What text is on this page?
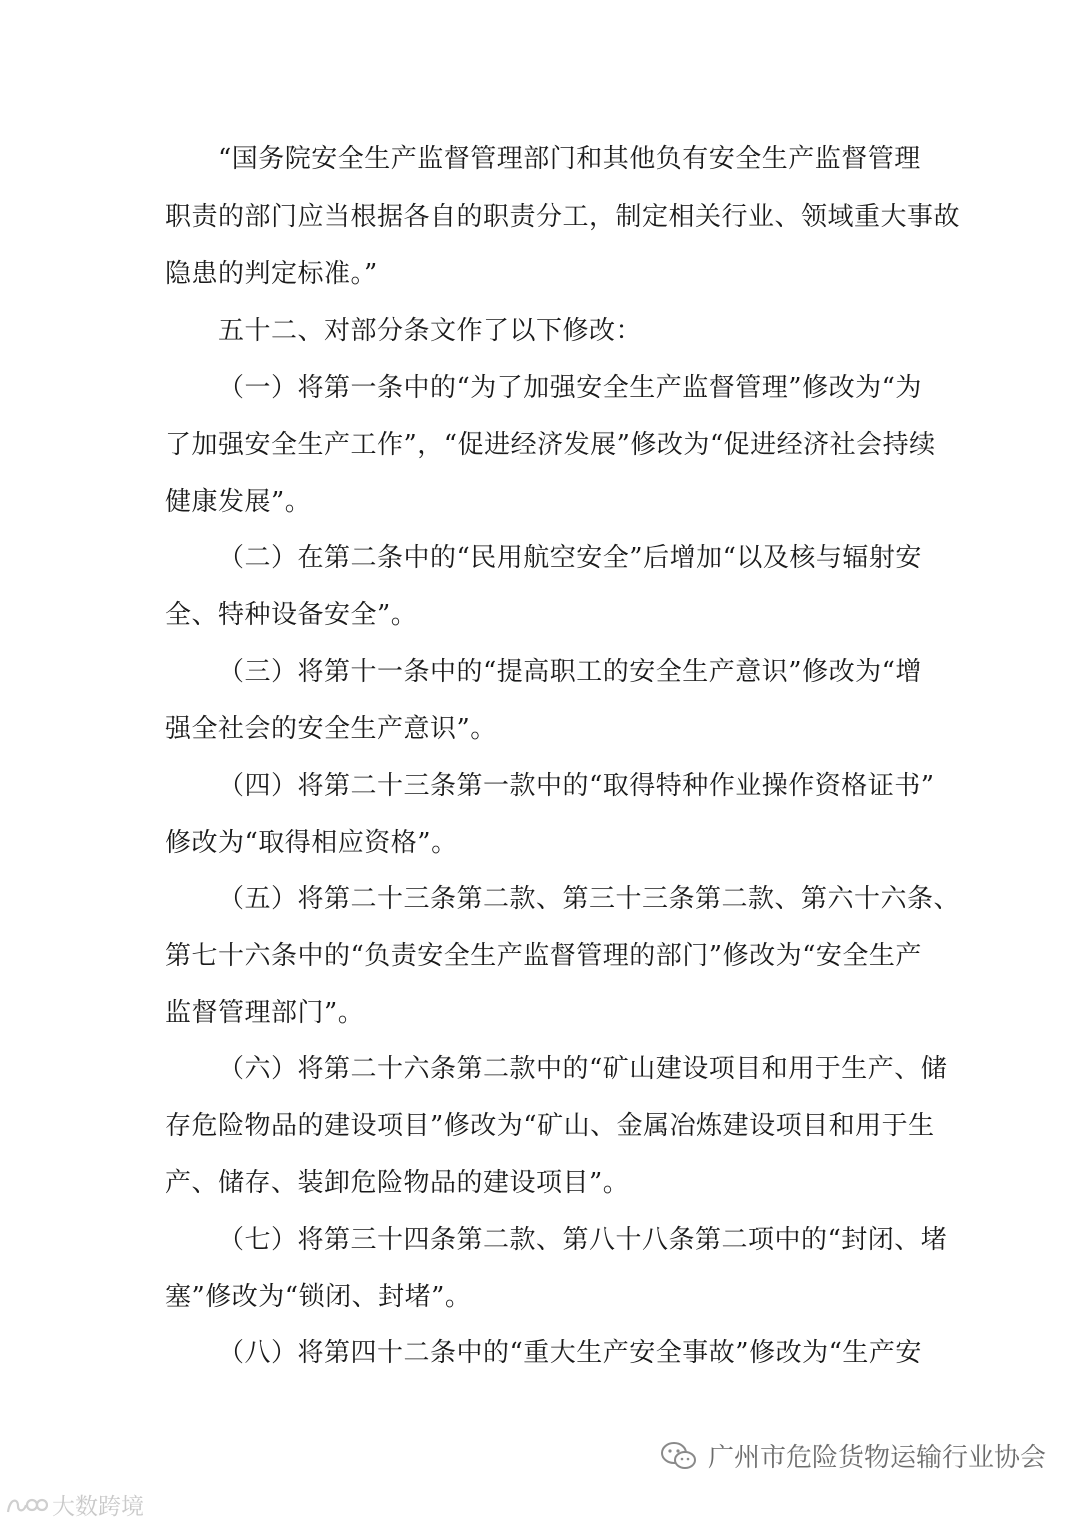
“国务院安全生产监督管理部门和其他负有安全生产监督管理
职责的部门应当根据各自的职责分工，制定相关行业、领域重大事故
隐患的判定标准。”
五十二、对部分条文作了以下修改：
（一）将第一条中的“为了加强安全生产监督管理”修改为“为
了加强安全生产工作”，“促进经济发展”修改为“促进经济社会持续
健康发展”。
（二）在第二条中的“民用航空安全”后增加“以及核与辐射安
全、特种设备安全”。
（三）将第十一条中的“提高职工的安全生产意识”修改为“增
强全社会的安全生产意识”。
（四）将第二十三条第一款中的“取得特种作业操作资格证书”
修改为“取得相应资格”。
（五）将第二十三条第二款、第三十三条第二款、第六十六条、
第七十六条中的“负责安全生产监督管理的部门”修改为“安全生产
监督管理部门”。
（六）将第二十六条第二款中的“矿山建设项目和用于生产、储
存危险物品的建设项目”修改为“矿山、金属冶炼建设项目和用于生
产、储存、装卸危险物品的建设项目”。
（七）将第三十四条第二款、第八十八条第二项中的“封闭、堵
塞”修改为“锁闭、封堵”。
（八）将第四十二条中的“重大生产安全事故”修改为“生产安
广州市危险货物运输行业协会
大数跨境
